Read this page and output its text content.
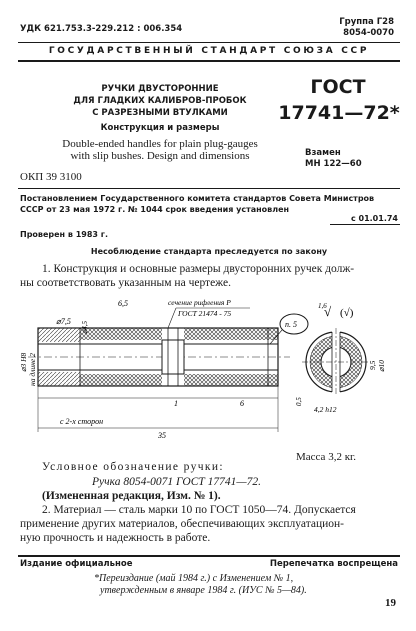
УДК 621.753.3-229.212 : 006.354
Группа Г28
8054-0070
ГОСУДАРСТВЕННЫЙ СТАНДАРТ СОЮЗА ССР
РУЧКИ ДВУСТОРОННИЕ
ДЛЯ ГЛАДКИХ КАЛИБРОВ-ПРОБОК
С РАЗРЕЗНЫМИ ВТУЛКАМИ
Конструкция и размеры
Double-ended handles for plain plug-gauges
with slip bushes. Design and dimensions
ГОСТ
17741—72*
Взамен
МН 122—60
ОКП 39 3100
Постановлением Государственного комитета стандартов Совета Министров
СССР от 23 мая 1972 г. № 1044 срок введения установлен
с 01.01.74
Проверен в 1983 г.
Несоблюдение стандарта преследуется по закону
1. Конструкция и основные размеры двусторонних ручек долж-
ны соответствовать указанным на чертеже.
6,5	сечение рифления Р
ГОСТ 21474 - 75
⌀7,5 ⌀4,5
⌀3 Н8 на длине 2
п. 5
1	6
с 2-х сторон
35
1,6
√ (√)
⌀10
9,5
4,2 h12
0,5
Масса 3,2 кг.
Условное обозначение ручки:
Ручка 8054-0071 ГОСТ 17741—72.
(Измененная редакция, Изм. № 1).
2. Материал — сталь марки 10 по ГОСТ 1050—74. Допускается
применение других материалов, обеспечивающих эксплуатацион-
ную прочность и надежность в работе.
Издание официальное	Перепечатка воспрещена
*Переиздание (май 1984 г.) с Изменением № 1,
утвержденным в январе 1984 г. (ИУС № 5—84).
19
